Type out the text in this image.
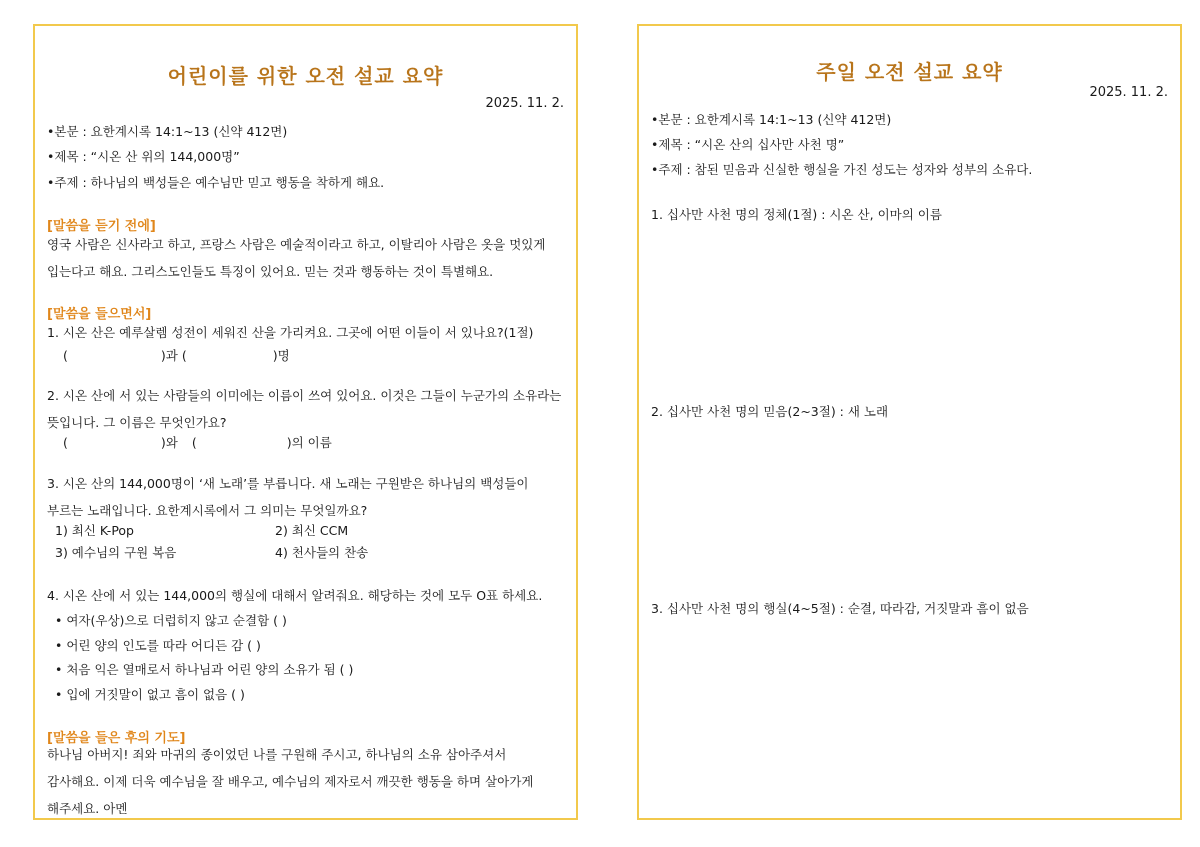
어린이를 위한 오전 설교 요약
2025. 11. 2.
•본문 : 요한계시록 14:1~13 (신약 412면)
•제목 : “시온 산 위의 144,000명”
•주제 : 하나님의 백성들은 예수님만 믿고 행동을 착하게 해요.
[말씀을 듣기 전에]
영국 사람은 신사라고 하고, 프랑스 사람은 예술적이라고 하고, 이탈리아 사람은 옷을 멋있게 입는다고 해요. 그리스도인들도 특징이 있어요. 믿는 것과 행동하는 것이 특별해요.
[말씀을 들으면서]
1. 시온 산은 예루살렘 성전이 세워진 산을 가리켜요. 그곳에 어떤 이들이 서 있나요?(1절)
(	)과 (	)명
2. 시온 산에 서 있는 사람들의 이미에는 이름이 쓰여 있어요. 이것은 그들이 누군가의 소유라는 뜻입니다. 그 이름은 무엇인가요?
(	)와 (	)의 이름
3. 시온 산의 144,000명이 ‘새 노래’를 부릅니다. 새 노래는 구원받은 하나님의 백성들이 부르는 노래입니다. 요한계시록에서 그 의미는 무엇일까요?
1) 최신 K-Pop	2) 최신 CCM
3) 예수님의 구원 복음	4) 천사들의 찬송
4. 시온 산에 서 있는 144,000의 행실에 대해서 알려줘요. 해당하는 것에 모두 O표 하세요.
• 여자(우상)으로 더럽히지 않고 순결함 ( )
• 어린 양의 인도를 따라 어디든 감 ( )
• 처음 익은 열매로서 하나님과 어린 양의 소유가 됨 ( )
• 입에 거짓말이 없고 흠이 없음 ( )
[말씀을 들은 후의 기도]
하나님 아버지! 죄와 마귀의 종이었던 나를 구원해 주시고, 하나님의 소유 삼아주셔서 감사해요. 이제 더욱 예수님을 잘 배우고, 예수님의 제자로서 깨끗한 행동을 하며 살아가게 해주세요. 아멘
주일 오전 설교 요약
2025. 11. 2.
•본문 : 요한계시록 14:1~13 (신약 412면)
•제목 : “시온 산의 십사만 사천 명”
•주제 : 참된 믿음과 신실한 행실을 가진 성도는 성자와 성부의 소유다.
1. 십사만 사천 명의 정체(1절) : 시온 산, 이마의 이름
2. 십사만 사천 명의 믿음(2~3절) : 새 노래
3. 십사만 사천 명의 행실(4~5절) : 순결, 따라감, 거짓말과 흠이 없음
